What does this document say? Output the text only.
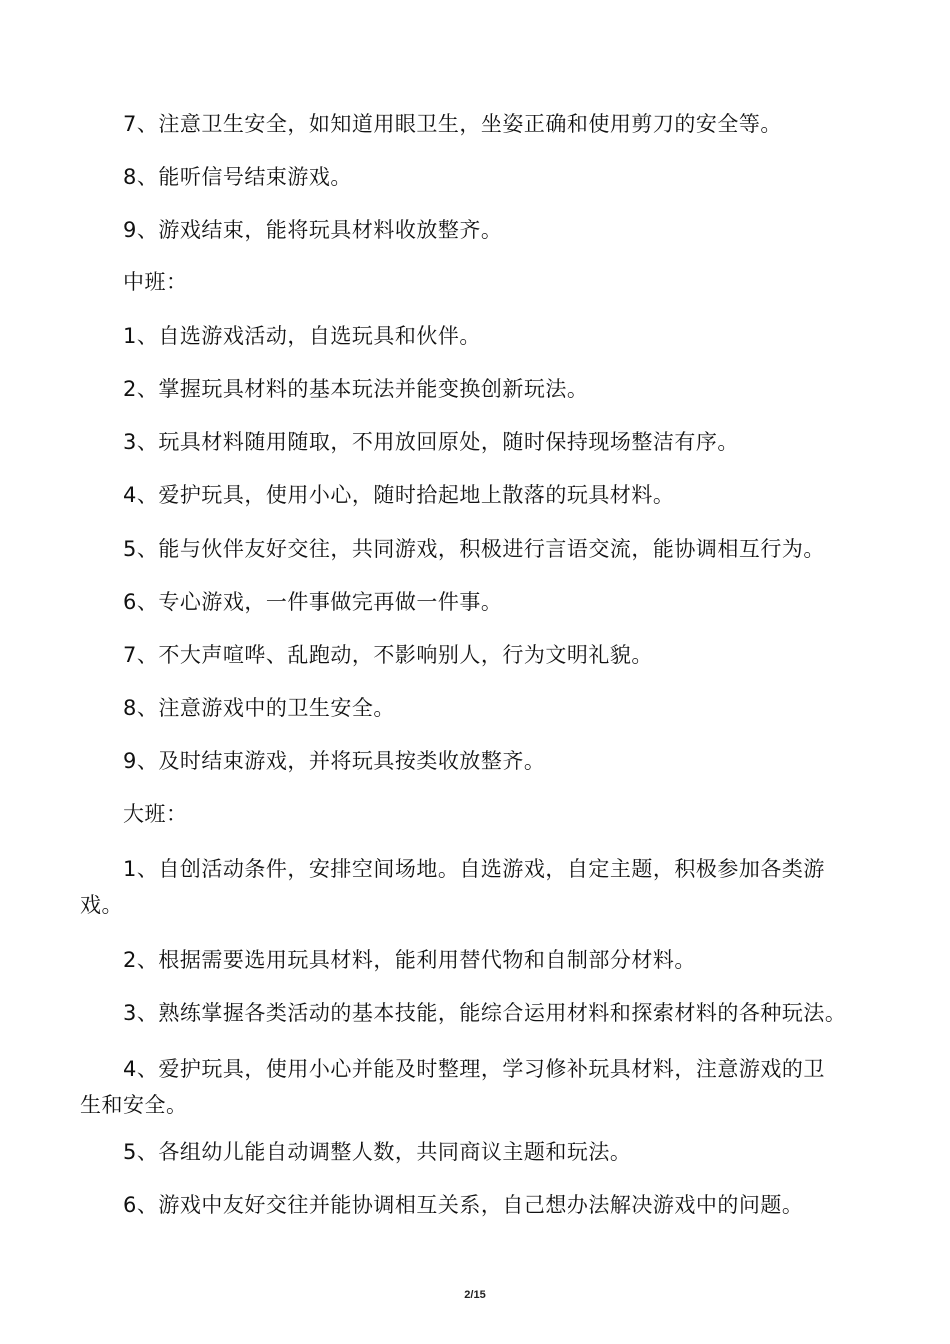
7、注意卫生安全，如知道用眼卫生，坐姿正确和使用剪刀的安全等。
8、能听信号结束游戏。
9、游戏结束，能将玩具材料收放整齐。
中班：
1、自选游戏活动，自选玩具和伙伴。
2、掌握玩具材料的基本玩法并能变换创新玩法。
3、玩具材料随用随取，不用放回原处，随时保持现场整洁有序。
4、爱护玩具，使用小心，随时拾起地上散落的玩具材料。
5、能与伙伴友好交往，共同游戏，积极进行言语交流，能协调相互行为。
6、专心游戏，一件事做完再做一件事。
7、不大声喧哗、乱跑动，不影响别人，行为文明礼貌。
8、注意游戏中的卫生安全。
9、及时结束游戏，并将玩具按类收放整齐。
大班：
1、自创活动条件，安排空间场地。自选游戏，自定主题，积极参加各类游
戏。
2、根据需要选用玩具材料，能利用替代物和自制部分材料。
3、熟练掌握各类活动的基本技能，能综合运用材料和探索材料的各种玩法。
4、爱护玩具，使用小心并能及时整理，学习修补玩具材料，注意游戏的卫
生和安全。
5、各组幼儿能自动调整人数，共同商议主题和玩法。
6、游戏中友好交往并能协调相互关系，自己想办法解决游戏中的问题。
2/15
